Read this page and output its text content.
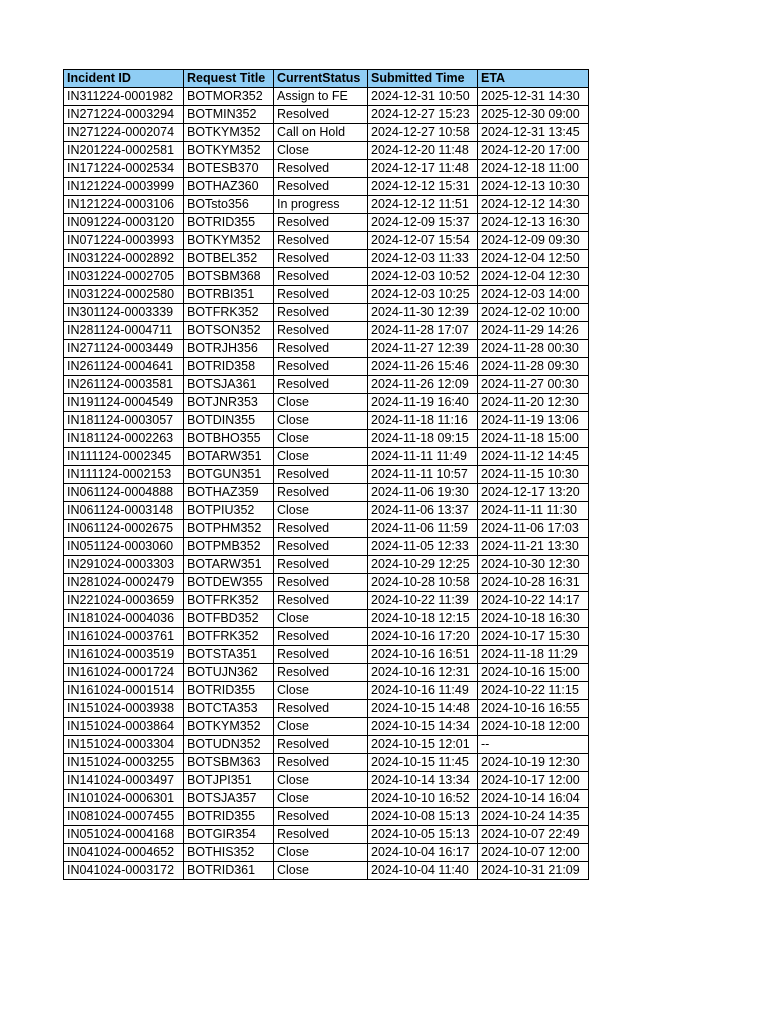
Incident ID	Request Title	CurrentStatus	Submitted Time	ETA
IN311224-0001982	BOTMOR352	Assign to FE	2024-12-31 10:50	2025-12-31 14:30
IN271224-0003294	BOTMIN352	Resolved	2024-12-27 15:23	2025-12-30 09:00
IN271224-0002074	BOTKYM352	Call on Hold	2024-12-27 10:58	2024-12-31 13:45
IN201224-0002581	BOTKYM352	Close	2024-12-20 11:48	2024-12-20 17:00
IN171224-0002534	BOTESB370	Resolved	2024-12-17 11:48	2024-12-18 11:00
IN121224-0003999	BOTHAZ360	Resolved	2024-12-12 15:31	2024-12-13 10:30
IN121224-0003106	BOTsto356	In progress	2024-12-12 11:51	2024-12-12 14:30
IN091224-0003120	BOTRID355	Resolved	2024-12-09 15:37	2024-12-13 16:30
IN071224-0003993	BOTKYM352	Resolved	2024-12-07 15:54	2024-12-09 09:30
IN031224-0002892	BOTBEL352	Resolved	2024-12-03 11:33	2024-12-04 12:50
IN031224-0002705	BOTSBM368	Resolved	2024-12-03 10:52	2024-12-04 12:30
IN031224-0002580	BOTRBI351	Resolved	2024-12-03 10:25	2024-12-03 14:00
IN301124-0003339	BOTFRK352	Resolved	2024-11-30 12:39	2024-12-02 10:00
IN281124-0004711	BOTSON352	Resolved	2024-11-28 17:07	2024-11-29 14:26
IN271124-0003449	BOTRJH356	Resolved	2024-11-27 12:39	2024-11-28 00:30
IN261124-0004641	BOTRID358	Resolved	2024-11-26 15:46	2024-11-28 09:30
IN261124-0003581	BOTSJA361	Resolved	2024-11-26 12:09	2024-11-27 00:30
IN191124-0004549	BOTJNR353	Close	2024-11-19 16:40	2024-11-20 12:30
IN181124-0003057	BOTDIN355	Close	2024-11-18 11:16	2024-11-19 13:06
IN181124-0002263	BOTBHO355	Close	2024-11-18 09:15	2024-11-18 15:00
IN111124-0002345	BOTARW351	Close	2024-11-11 11:49	2024-11-12 14:45
IN111124-0002153	BOTGUN351	Resolved	2024-11-11 10:57	2024-11-15 10:30
IN061124-0004888	BOTHAZ359	Resolved	2024-11-06 19:30	2024-12-17 13:20
IN061124-0003148	BOTPIU352	Close	2024-11-06 13:37	2024-11-11 11:30
IN061124-0002675	BOTPHM352	Resolved	2024-11-06 11:59	2024-11-06 17:03
IN051124-0003060	BOTPMB352	Resolved	2024-11-05 12:33	2024-11-21 13:30
IN291024-0003303	BOTARW351	Resolved	2024-10-29 12:25	2024-10-30 12:30
IN281024-0002479	BOTDEW355	Resolved	2024-10-28 10:58	2024-10-28 16:31
IN221024-0003659	BOTFRK352	Resolved	2024-10-22 11:39	2024-10-22 14:17
IN181024-0004036	BOTFBD352	Close	2024-10-18 12:15	2024-10-18 16:30
IN161024-0003761	BOTFRK352	Resolved	2024-10-16 17:20	2024-10-17 15:30
IN161024-0003519	BOTSTA351	Resolved	2024-10-16 16:51	2024-11-18 11:29
IN161024-0001724	BOTUJN362	Resolved	2024-10-16 12:31	2024-10-16 15:00
IN161024-0001514	BOTRID355	Close	2024-10-16 11:49	2024-10-22 11:15
IN151024-0003938	BOTCTA353	Resolved	2024-10-15 14:48	2024-10-16 16:55
IN151024-0003864	BOTKYM352	Close	2024-10-15 14:34	2024-10-18 12:00
IN151024-0003304	BOTUDN352	Resolved	2024-10-15 12:01	--
IN151024-0003255	BOTSBM363	Resolved	2024-10-15 11:45	2024-10-19 12:30
IN141024-0003497	BOTJPI351	Close	2024-10-14 13:34	2024-10-17 12:00
IN101024-0006301	BOTSJA357	Close	2024-10-10 16:52	2024-10-14 16:04
IN081024-0007455	BOTRID355	Resolved	2024-10-08 15:13	2024-10-24 14:35
IN051024-0004168	BOTGIR354	Resolved	2024-10-05 15:13	2024-10-07 22:49
IN041024-0004652	BOTHIS352	Close	2024-10-04 16:17	2024-10-07 12:00
IN041024-0003172	BOTRID361	Close	2024-10-04 11:40	2024-10-31 21:09
